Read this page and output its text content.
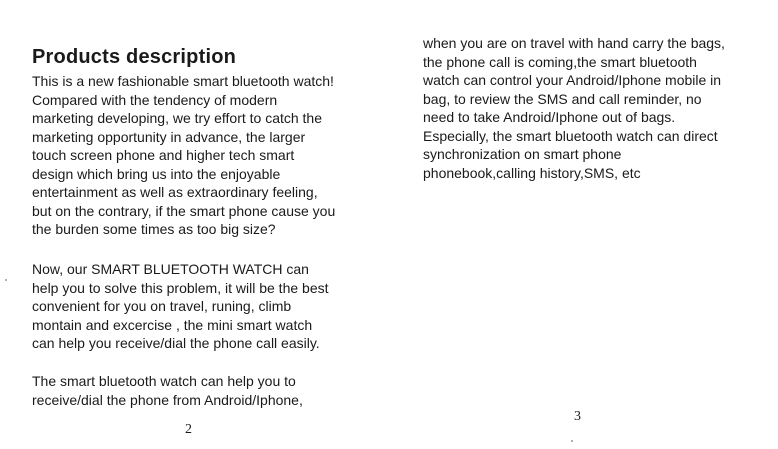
Products description

This is a new fashionable smart bluetooth watch!
Compared with the tendency of modern
marketing developing, we try effort to catch the
marketing opportunity in advance, the larger
touch screen phone and higher tech smart
design which bring us into the enjoyable
entertainment as well as extraordinary feeling,
but on the contrary, if the smart phone cause you
the burden some times as too big size?

Now, our SMART BLUETOOTH WATCH can
help you to solve this problem, it will be the best
convenient for you on travel, runing, climb
montain and excercise , the mini smart watch
can help you receive/dial the phone call easily.

The smart bluetooth watch can help you to
receive/dial the phone from Android/Iphone,

2

when you are on travel with hand carry the bags,
the phone call is coming,the smart bluetooth
watch can control your Android/Iphone mobile in
bag, to review the SMS and call reminder, no
need to take Android/Iphone out of bags.
Especially, the smart bluetooth watch can direct
synchronization on smart phone
phonebook,calling history,SMS, etc

3
